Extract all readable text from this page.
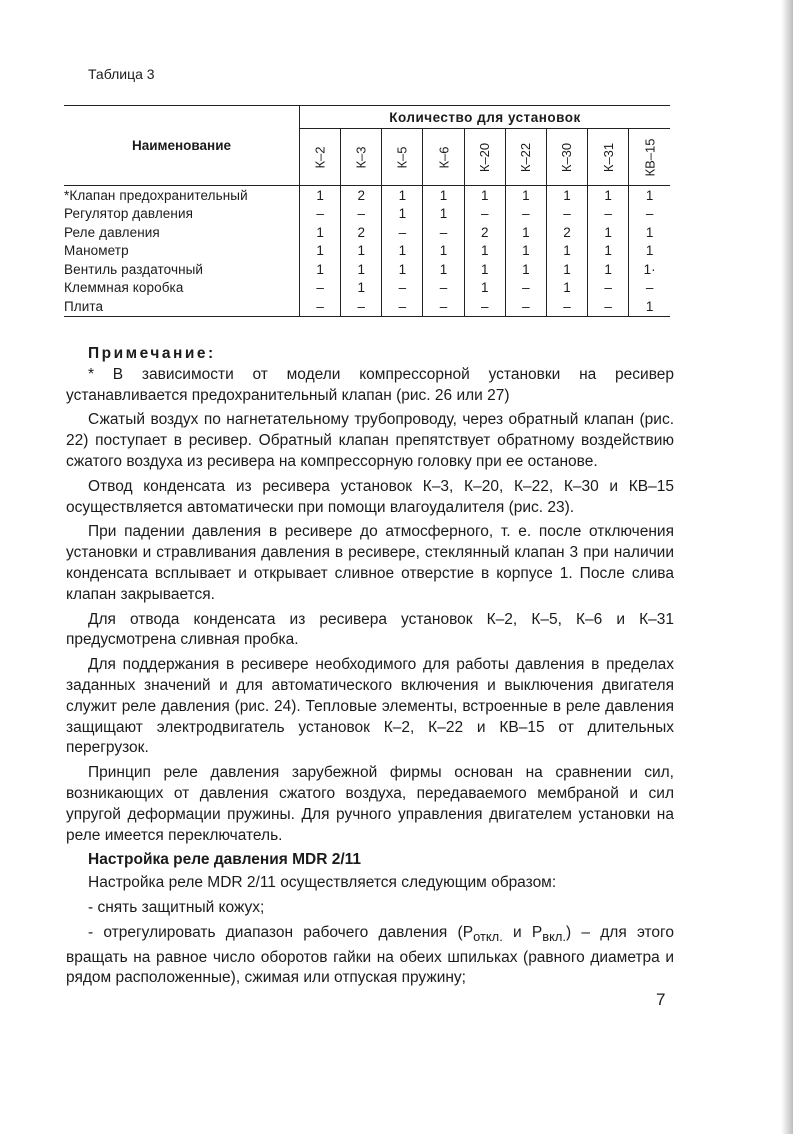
Таблица 3
Наименование	Количество для установок								
	К–2	К–3	К–5	К–6	К–20	К–22	К–30	К–31	КВ–15
*Клапан предохранительный	1	2	1	1	1	1	1	1	1
Регулятор давления	–	–	1	1	–	–	–	–	–
Реле давления	1	2	–	–	2	1	2	1	1
Манометр	1	1	1	1	1	1	1	1	1
Вентиль раздаточный	1	1	1	1	1	1	1	1	1·
Клеммная коробка	–	1	–	–	1	–	1	–	–
Плита	–	–	–	–	–	–	–	–	1
Примечание:

* В зависимости от модели компрессорной установки на ресивер устанавливается предохранительный клапан (рис. 26 или 27)

Сжатый воздух по нагнетательному трубопроводу, через обратный клапан (рис. 22) поступает в ресивер. Обратный клапан препятствует обратному воздействию сжатого воздуха из ресивера на компрессорную головку при ее останове.

Отвод конденсата из ресивера установок К–3, К–20, К–22, К–30 и КВ–15 осуществляется автоматически при помощи влагоудалителя (рис. 23).

При падении давления в ресивере до атмосферного, т. е. после отключения установки и стравливания давления в ресивере, стеклянный клапан 3 при наличии конденсата всплывает и открывает сливное отверстие в корпусе 1. После слива клапан закрывается.

Для отвода конденсата из ресивера установок К–2, К–5, К–6 и К–31 предусмотрена сливная пробка.

Для поддержания в ресивере необходимого для работы давления в пределах заданных значений и для автоматического включения и выключения двигателя служит реле давления (рис. 24). Тепловые элементы, встроенные в реле давления защищают электродвигатель установок К–2, К–22 и КВ–15 от длительных перегрузок.

Принцип реле давления зарубежной фирмы основан на сравнении сил, возникающих от давления сжатого воздуха, передаваемого мембраной и сил упругой деформации пружины. Для ручного управления двигателем установки на реле имеется переключатель.

Настройка реле давления MDR 2/11

Настройка реле MDR 2/11 осуществляется следующим образом:

- снять защитный кожух;

- отрегулировать диапазон рабочего давления ($P_{откл.}$ и $P_{вкл.}$) – для этого вращать на равное число оборотов гайки на обеих шпильках (равного диаметра и рядом расположенные), сжимая или отпуская пружину;

7
